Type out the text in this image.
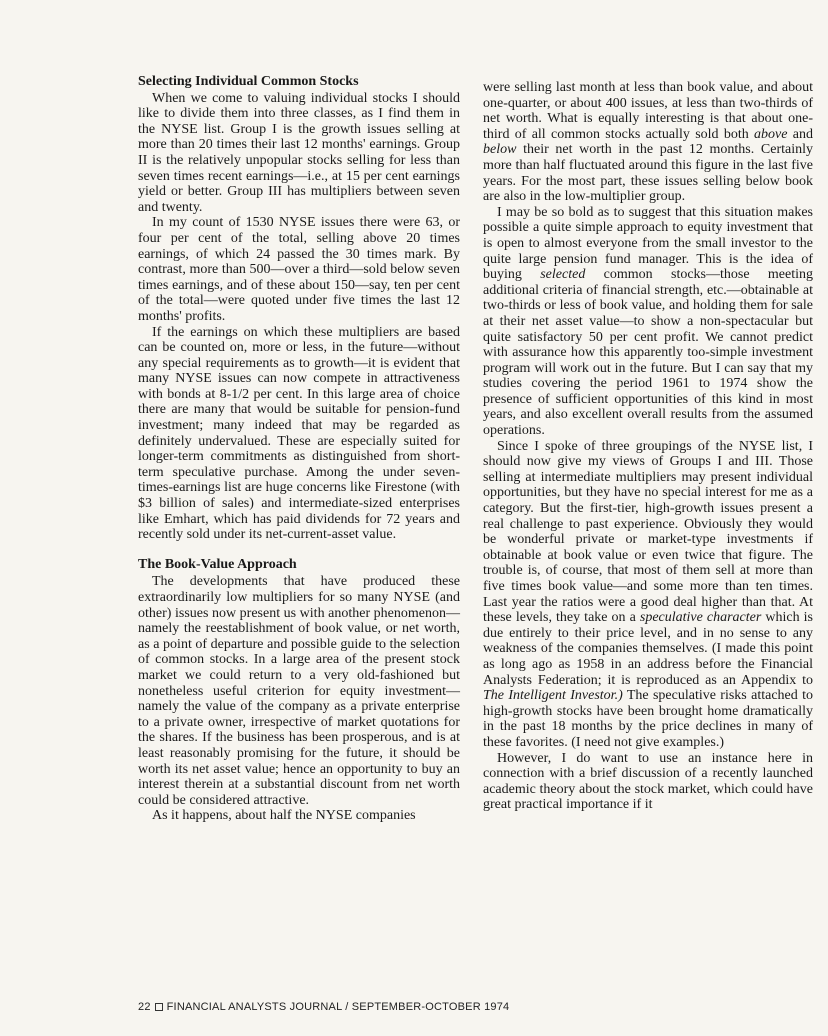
Selecting Individual Common Stocks

When we come to valuing individual stocks I should like to divide them into three classes, as I find them in the NYSE list. Group I is the growth issues selling at more than 20 times their last 12 months' earnings. Group II is the relatively unpopular stocks selling for less than seven times recent earnings—i.e., at 15 per cent earnings yield or better. Group III has multipliers between seven and twenty.

In my count of 1530 NYSE issues there were 63, or four per cent of the total, selling above 20 times earnings, of which 24 passed the 30 times mark. By contrast, more than 500—over a third—sold below seven times earnings, and of these about 150—say, ten per cent of the total—were quoted under five times the last 12 months' profits.

If the earnings on which these multipliers are based can be counted on, more or less, in the future—without any special requirements as to growth—it is evident that many NYSE issues can now compete in attractiveness with bonds at 8-1/2 per cent. In this large area of choice there are many that would be suitable for pension-fund investment; many indeed that may be regarded as definitely undervalued. These are especially suited for longer-term commitments as distinguished from short-term speculative purchase. Among the under seven-times-earnings list are huge concerns like Firestone (with $3 billion of sales) and intermediate-sized enterprises like Emhart, which has paid dividends for 72 years and recently sold under its net-current-asset value.

The Book-Value Approach

The developments that have produced these extraordinarily low multipliers for so many NYSE (and other) issues now present us with another phenomenon—namely the reestablishment of book value, or net worth, as a point of departure and possible guide to the selection of common stocks. In a large area of the present stock market we could return to a very old-fashioned but nonetheless useful criterion for equity investment—namely the value of the company as a private enterprise to a private owner, irrespective of market quotations for the shares. If the business has been prosperous, and is at least reasonably promising for the future, it should be worth its net asset value; hence an opportunity to buy an interest therein at a substantial discount from net worth could be considered attractive.

As it happens, about half the NYSE companies

were selling last month at less than book value, and about one-quarter, or about 400 issues, at less than two-thirds of net worth. What is equally interesting is that about one-third of all common stocks actually sold both above and below their net worth in the past 12 months. Certainly more than half fluctuated around this figure in the last five years. For the most part, these issues selling below book are also in the low-multiplier group.

I may be so bold as to suggest that this situation makes possible a quite simple approach to equity investment that is open to almost everyone from the small investor to the quite large pension fund manager. This is the idea of buying selected common stocks—those meeting additional criteria of financial strength, etc.—obtainable at two-thirds or less of book value, and holding them for sale at their net asset value—to show a non-spectacular but quite satisfactory 50 per cent profit. We cannot predict with assurance how this apparently too-simple investment program will work out in the future. But I can say that my studies covering the period 1961 to 1974 show the presence of sufficient opportunities of this kind in most years, and also excellent overall results from the assumed operations.

Since I spoke of three groupings of the NYSE list, I should now give my views of Groups I and III. Those selling at intermediate multipliers may present individual opportunities, but they have no special interest for me as a category. But the first-tier, high-growth issues present a real challenge to past experience. Obviously they would be wonderful private or market-type investments if obtainable at book value or even twice that figure. The trouble is, of course, that most of them sell at more than five times book value—and some more than ten times. Last year the ratios were a good deal higher than that. At these levels, they take on a speculative character which is due entirely to their price level, and in no sense to any weakness of the companies themselves. (I made this point as long ago as 1958 in an address before the Financial Analysts Federation; it is reproduced as an Appendix to The Intelligent Investor.) The speculative risks attached to high-growth stocks have been brought home dramatically in the past 18 months by the price declines in many of these favorites. (I need not give examples.)

However, I do want to use an instance here in connection with a brief discussion of a recently launched academic theory about the stock market, which could have great practical importance if it

22 FINANCIAL ANALYSTS JOURNAL / SEPTEMBER-OCTOBER 1974
